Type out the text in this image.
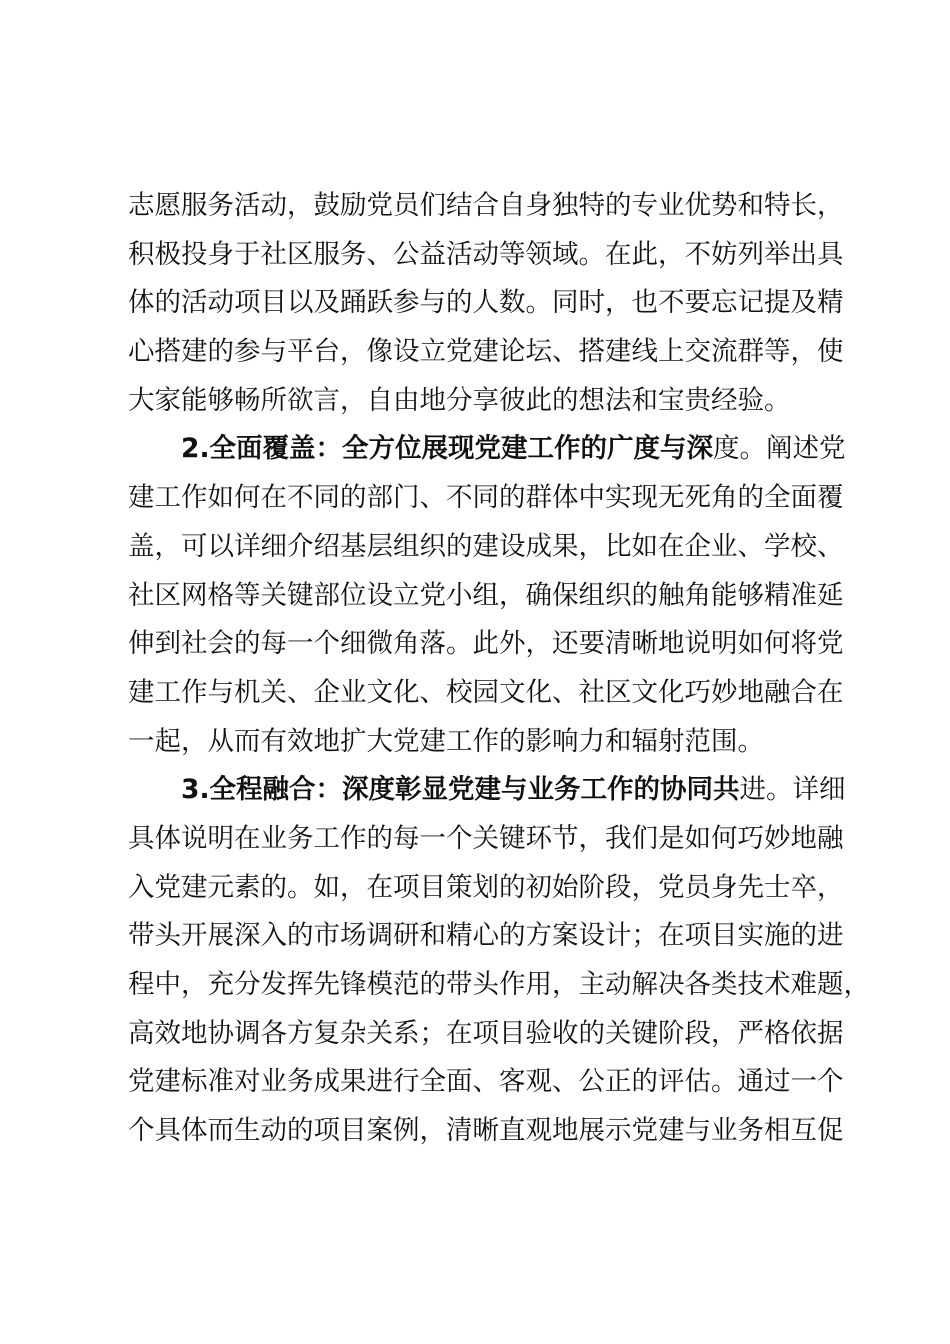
志愿服务活动，鼓励党员们结合自身独特的专业优势和特长，
积极投身于社区服务、公益活动等领域。在此，不妨列举出具
体的活动项目以及踊跃参与的人数。同时，也不要忘记提及精
心搭建的参与平台，像设立党建论坛、搭建线上交流群等，使
大家能够畅所欲言，自由地分享彼此的想法和宝贵经验。
2.全面覆盖：全方位展现党建工作的广度与深度。阐述党
建工作如何在不同的部门、不同的群体中实现无死角的全面覆
盖，可以详细介绍基层组织的建设成果，比如在企业、学校、
社区网格等关键部位设立党小组，确保组织的触角能够精准延
伸到社会的每一个细微角落。此外，还要清晰地说明如何将党
建工作与机关、企业文化、校园文化、社区文化巧妙地融合在
一起，从而有效地扩大党建工作的影响力和辐射范围。
3.全程融合：深度彰显党建与业务工作的协同共进。详细
具体说明在业务工作的每一个关键环节，我们是如何巧妙地融
入党建元素的。如，在项目策划的初始阶段，党员身先士卒，
带头开展深入的市场调研和精心的方案设计；在项目实施的进
程中，充分发挥先锋模范的带头作用，主动解决各类技术难题，
高效地协调各方复杂关系；在项目验收的关键阶段，严格依据
党建标准对业务成果进行全面、客观、公正的评估。通过一个
个具体而生动的项目案例，清晰直观地展示党建与业务相互促
